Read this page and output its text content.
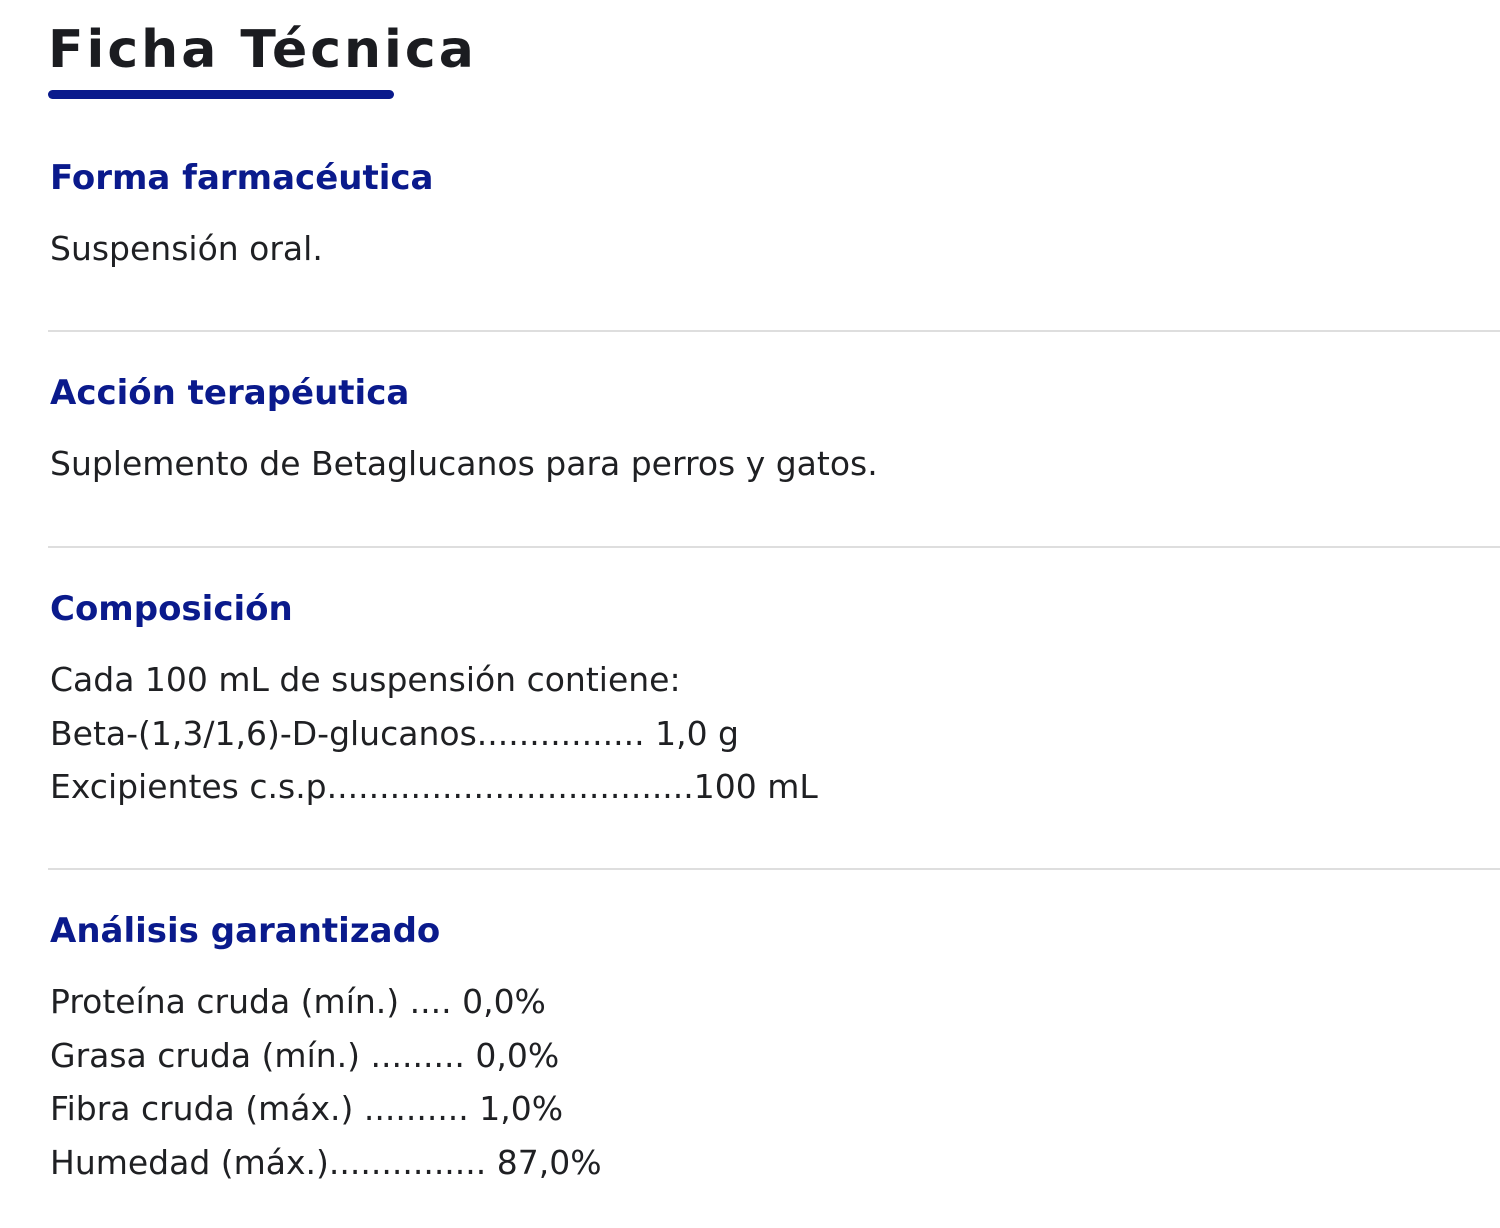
Ficha Técnica
Forma farmacéutica
Suspensión oral.
Acción terapéutica
Suplemento de Betaglucanos para perros y gatos.
Composición
Cada 100 mL de suspensión contiene:
Beta-(1,3/1,6)-D-glucanos................ 1,0 g
Excipientes c.s.p...................................100 mL
Análisis garantizado
Proteína cruda (mín.) .... 0,0%
Grasa cruda (mín.) ......... 0,0%
Fibra cruda (máx.) .......... 1,0%
Humedad (máx.)............... 87,0%
